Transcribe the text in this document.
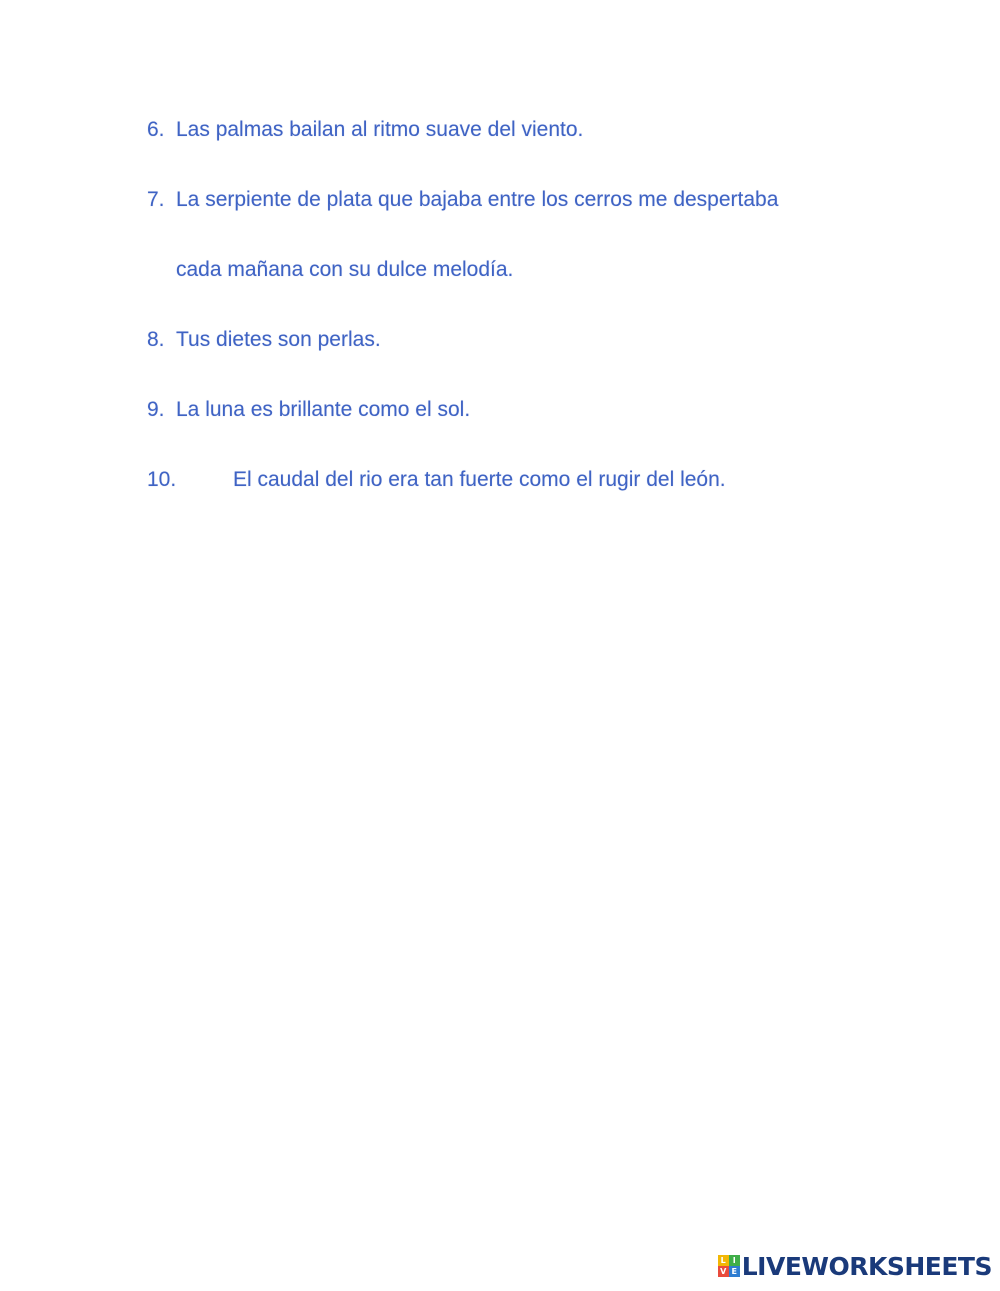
6. Las palmas bailan al ritmo suave del viento.
7. La serpiente de plata que bajaba entre los cerros me despertaba
cada mañana con su dulce melodía.
8. Tus dietes son perlas.
9. La luna es brillante como el sol.
10.	El caudal del rio era tan fuerte como el rugir del león.
L I
V E LIVEWORKSHEETS
